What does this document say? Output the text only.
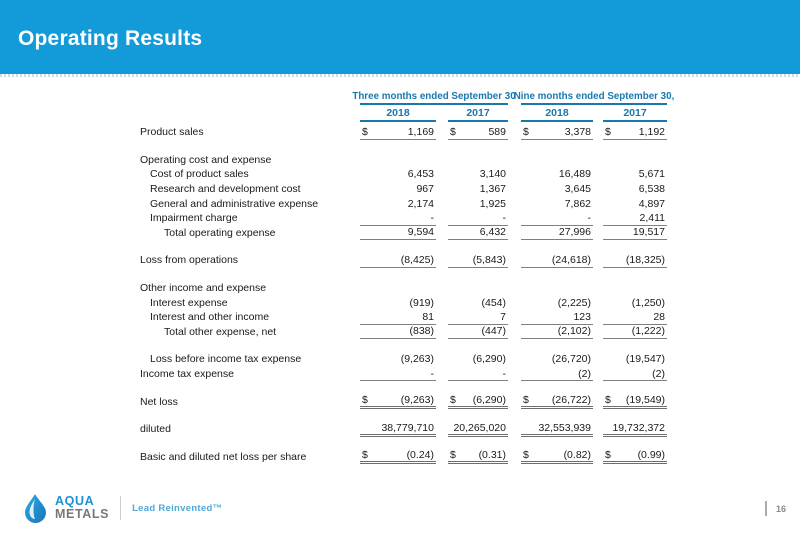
Operating Results
Three months ended September 30
Nine months ended September 30,
2018	2017	2018	2017
Product sales	$	1,169 $	589 $	3,378 $	1,192
Operating cost and expense
Cost of product sales	6,453	3,140	16,489	5,671
Research and development cost	967	1,367	3,645	6,538
General and administrative expense	2,174	1,925	7,862	4,897
Impairment charge	-	-	-	2,411
Total operating expense	9,594	6,432	27,996	19,517
Loss from operations	(8,425)	(5,843)	(24,618)	(18,325)
Other income and expense
Interest expense	(919)	(454)	(2,225)	(1,250)
Interest and other income	81	7	123	28
Total other expense, net	(838)	(447)	(2,102)	(1,222)
Loss before income tax expense	(9,263)	(6,290)	(26,720)	(19,547)
Income tax expense	-	-	(2)	(2)
Net loss	$	(9,263) $ (6,290) $ (26,722) $ (19,549)
diluted	38,779,710	20,265,020	32,553,939	19,732,372
Basic and diluted net loss per share	$	(0.24) $ (0.31) $	(0.82) $	(0.99)
AQUA
METALS Lead Reinvented™	16
